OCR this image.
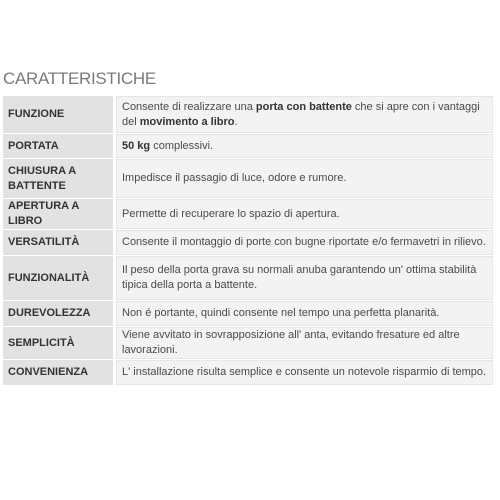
CARATTERISTICHE
FUNZIONE	Consente di realizzare una porta con battente che si apre con i vantaggi del movimento a libro.
PORTATA	50 kg complessivi.
CHIUSURA A BATTENTE	Impedisce il passagio di luce, odore e rumore.
APERTURA A LIBRO	Permette di recuperare lo spazio di apertura.
VERSATILITÀ	Consente il montaggio di porte con bugne riportate e/o fermavetri in rilievo.
FUNZIONALITÀ	Il peso della porta grava su normali anuba garantendo un' ottima stabilità tipica della porta a battente.
DUREVOLEZZA	Non é portante, quindi consente nel tempo una perfetta planarità.
SEMPLICITÀ	Viene avvitato in sovrapposizione all' anta, evitando fresature ed altre lavorazioni.
CONVENIENZA	L' installazione risulta semplice e consente un notevole risparmio di tempo.
